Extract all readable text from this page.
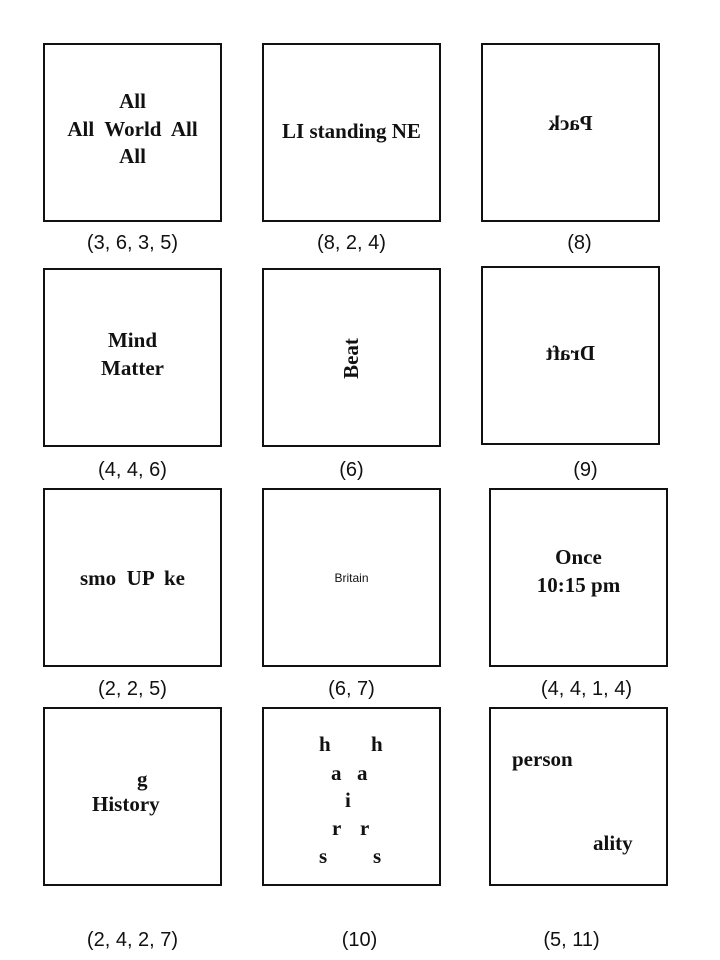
All
All  World  All
All
(3, 6, 3, 5)
LI standing NE
(8, 2, 4)
Pack
(8)
Mind
Matter
(4, 4, 6)
Beat
(6)
Draft
(9)
smo  UP  ke
(2, 2, 5)
Britain
(6, 7)
Once
10:15 pm
(4, 4, 1, 4)
g
History
(2, 4, 2, 7)
h h
a a
i
r r
s s
(10)
person
ality
(5, 11)
